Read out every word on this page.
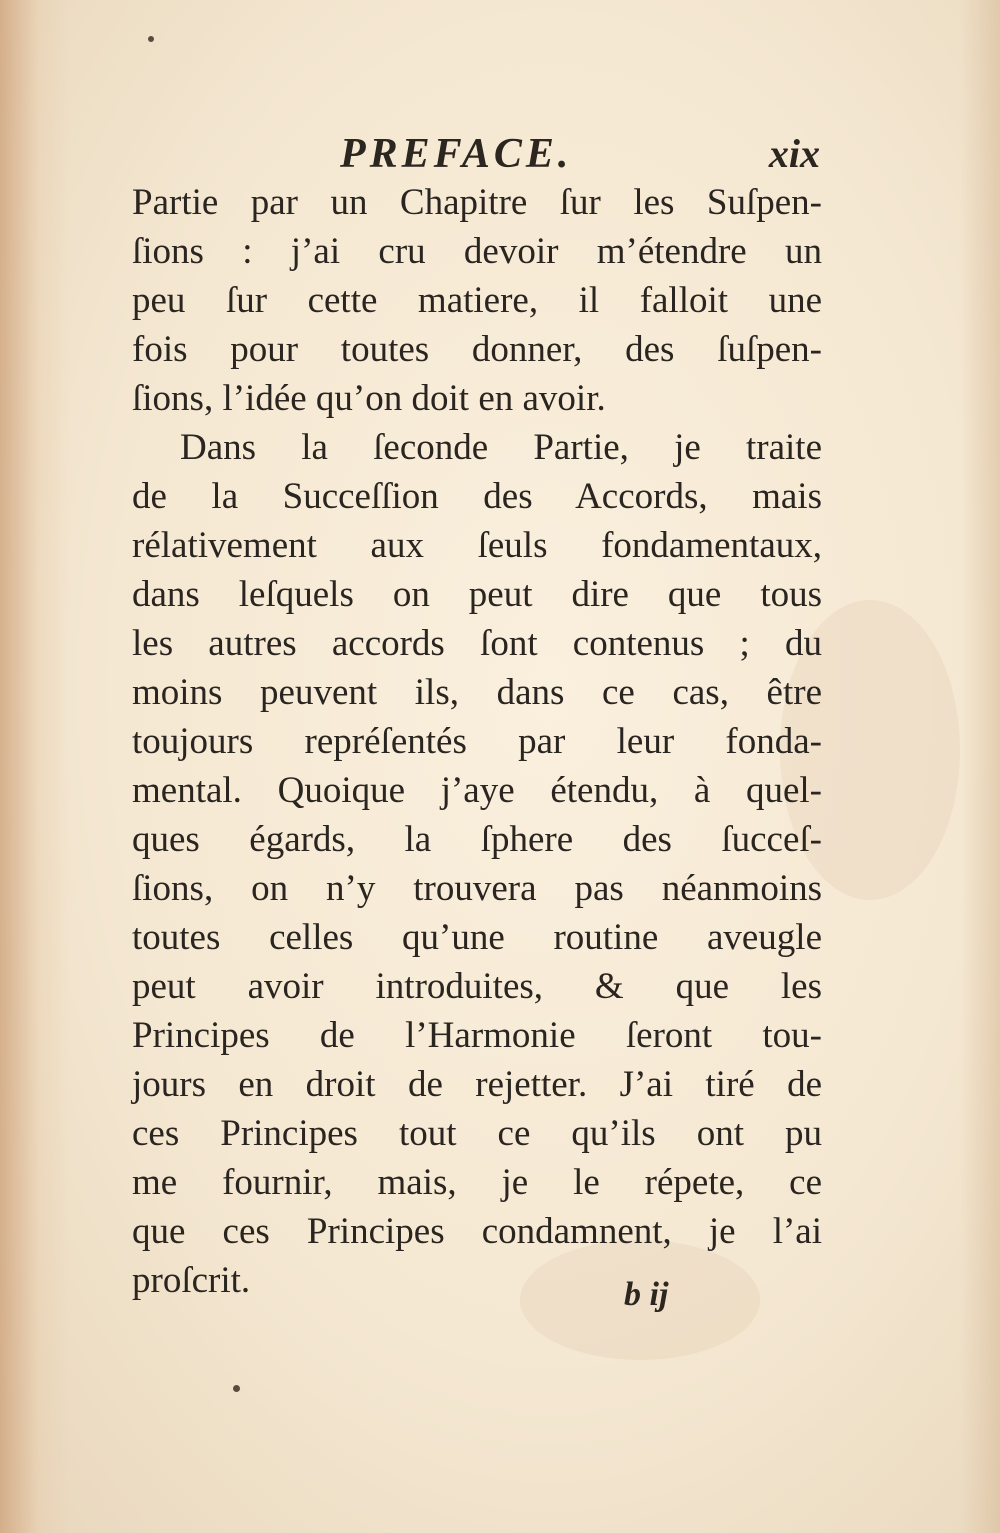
PREFACE.	xix
Partie par un Chapitre ſur les Suſpen-
ſions : j’ai cru devoir m’étendre un
peu ſur cette matiere, il falloit une
fois pour toutes donner, des ſuſpen-
ſions, l’idée qu’on doit en avoir.
Dans la ſeconde Partie, je traite
de la Succeſſion des Accords, mais
rélativement aux ſeuls fondamentaux,
dans leſquels on peut dire que tous
les autres accords ſont contenus ; du
moins peuvent ils, dans ce cas, être
toujours repréſentés par leur fonda-
mental. Quoique j’aye étendu, à quel-
ques égards, la ſphere des ſucceſ-
ſions, on n’y trouvera pas néanmoins
toutes celles qu’une routine aveugle
peut avoir introduites, & que les
Principes de l’Harmonie ſeront tou-
jours en droit de rejetter. J’ai tiré de
ces Principes tout ce qu’ils ont pu
me fournir, mais, je le répete, ce
que ces Principes condamnent, je l’ai
proſcrit.	b ij
